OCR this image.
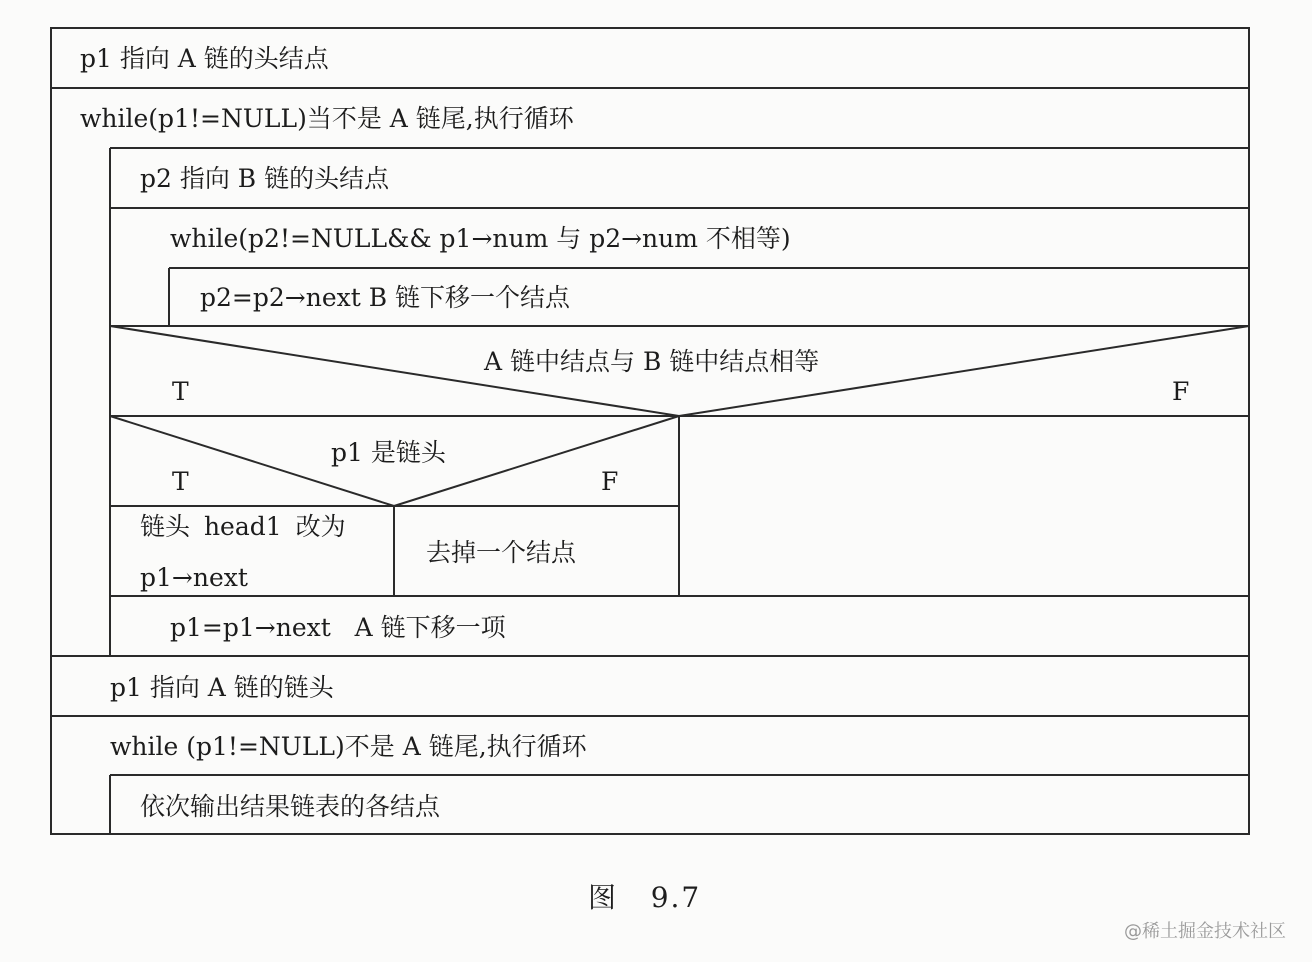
p1 指向 A 链的头结点
while(p1!=NULL)当不是 A 链尾,执行循环
p2 指向 B 链的头结点
while(p2!=NULL&& p1→num 与 p2→num 不相等)
p2=p2→next B 链下移一个结点
A 链中结点与 B 链中结点相等
T	F
p1 是链头
T	F
链头 head1 改为
p1→next
去掉一个结点
p1=p1→next   A 链下移一项
p1 指向 A 链的链头
while (p1!=NULL)不是 A 链尾,执行循环
依次输出结果链表的各结点
图   9.7
@稀土掘金技术社区
